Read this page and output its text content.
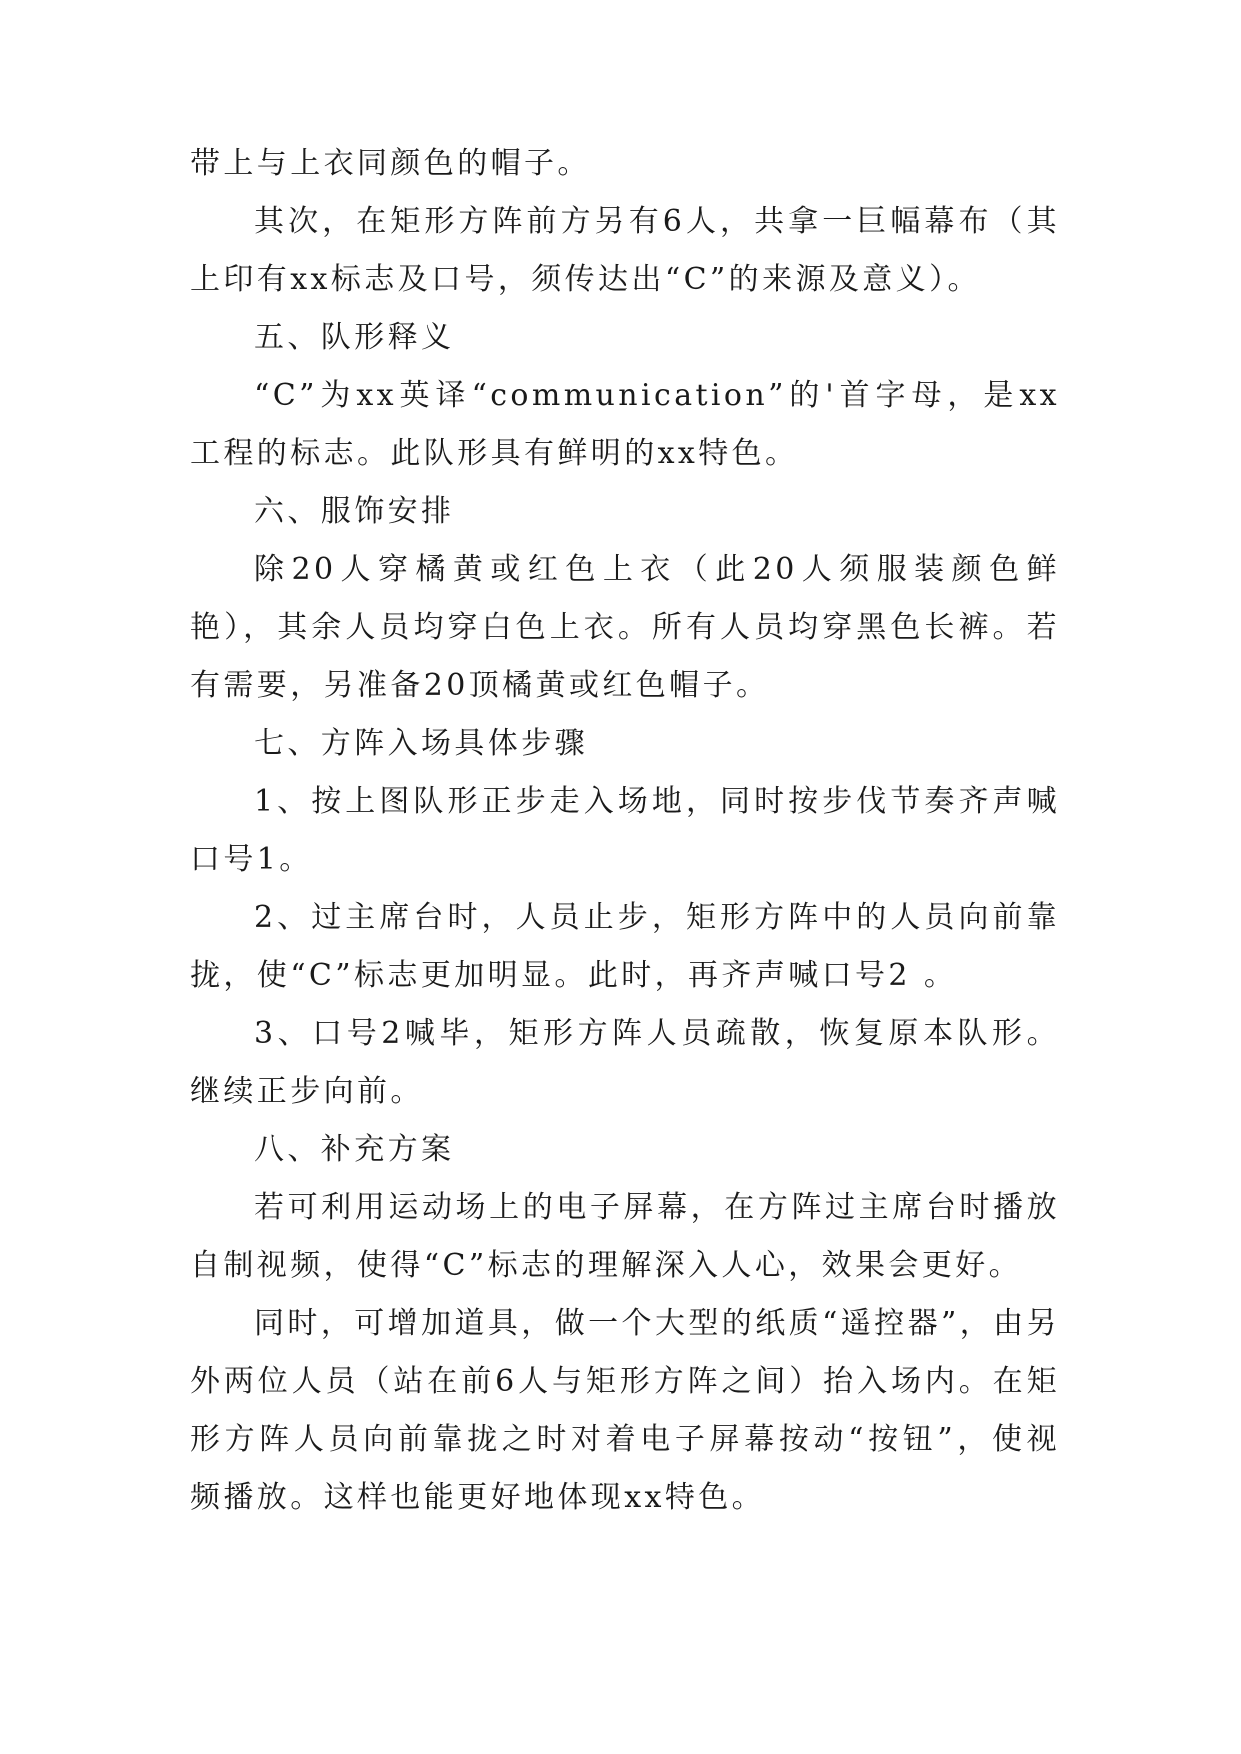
带上与上衣同颜色的帽子。

其次，在矩形方阵前方另有6人，共拿一巨幅幕布（其上印有xx标志及口号，须传达出“C”的来源及意义）。

五、队形释义

“C”为xx英译“communication”的'首字母，是xx工程的标志。此队形具有鲜明的xx特色。

六、服饰安排

除20人穿橘黄或红色上衣（此20人须服装颜色鲜艳），其余人员均穿白色上衣。所有人员均穿黑色长裤。若有需要，另准备20顶橘黄或红色帽子。

七、方阵入场具体步骤

1、按上图队形正步走入场地，同时按步伐节奏齐声喊口号1。

2、过主席台时，人员止步，矩形方阵中的人员向前靠拢，使“C”标志更加明显。此时，再齐声喊口号2 。

3、口号2喊毕，矩形方阵人员疏散，恢复原本队形。继续正步向前。

八、补充方案

若可利用运动场上的电子屏幕，在方阵过主席台时播放自制视频，使得“C”标志的理解深入人心，效果会更好。

同时，可增加道具，做一个大型的纸质“遥控器”，由另外两位人员（站在前6人与矩形方阵之间）抬入场内。在矩形方阵人员向前靠拢之时对着电子屏幕按动“按钮”，使视频播放。这样也能更好地体现xx特色。
